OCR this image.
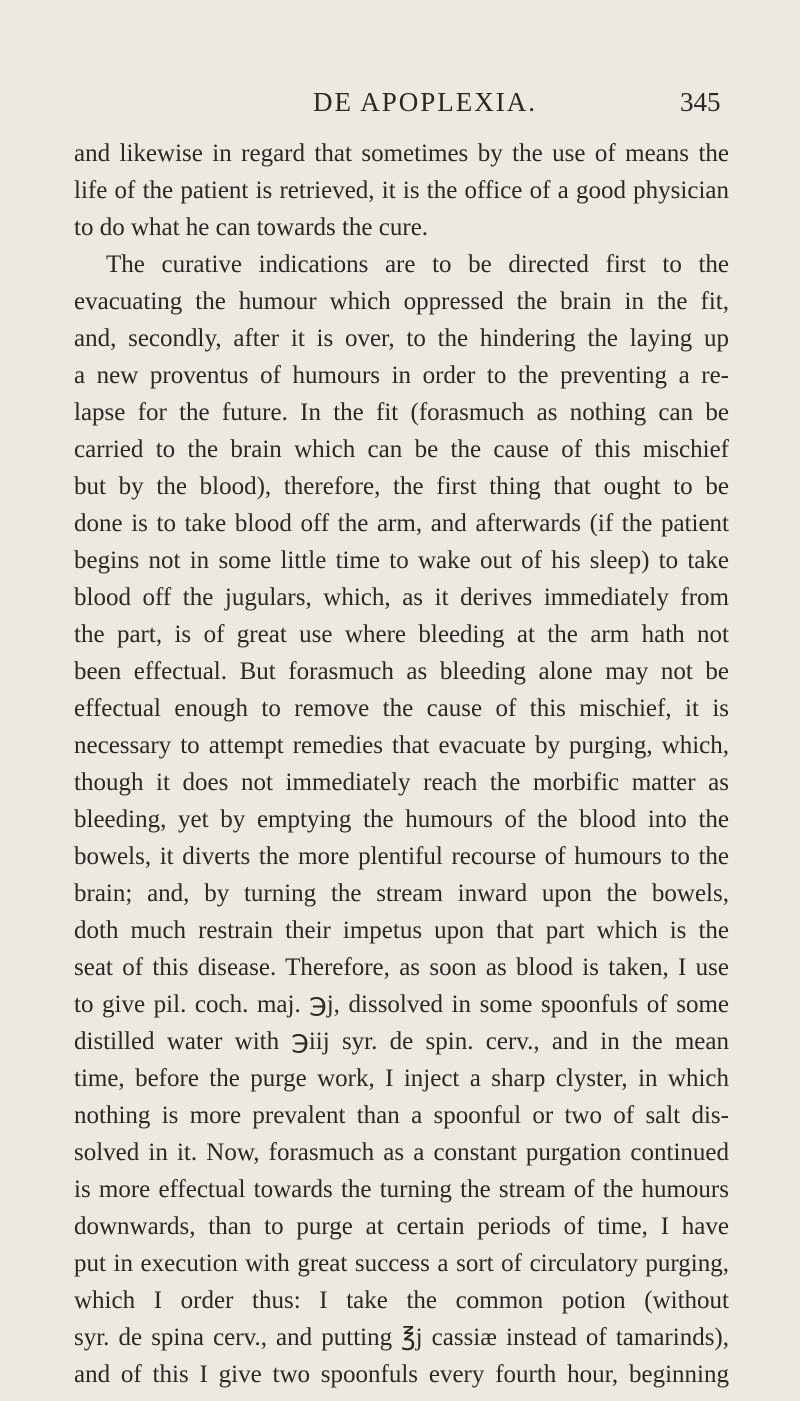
DE APOPLEXIA.	345
and likewise in regard that sometimes by the use of means the
life of the patient is retrieved, it is the office of a good physician
to do what he can towards the cure.
The curative indications are to be directed first to the
evacuating the humour which oppressed the brain in the fit,
and, secondly, after it is over, to the hindering the laying up
a new proventus of humours in order to the preventing a re-
lapse for the future. In the fit (forasmuch as nothing can be
carried to the brain which can be the cause of this mischief
but by the blood), therefore, the first thing that ought to be
done is to take blood off the arm, and afterwards (if the patient
begins not in some little time to wake out of his sleep) to take
blood off the jugulars, which, as it derives immediately from
the part, is of great use where bleeding at the arm hath not
been effectual. But forasmuch as bleeding alone may not be
effectual enough to remove the cause of this mischief, it is
necessary to attempt remedies that evacuate by purging, which,
though it does not immediately reach the morbific matter as
bleeding, yet by emptying the humours of the blood into the
bowels, it diverts the more plentiful recourse of humours to the
brain; and, by turning the stream inward upon the bowels,
doth much restrain their impetus upon that part which is the
seat of this disease. Therefore, as soon as blood is taken, I use
to give pil. coch. maj. ℈j, dissolved in some spoonfuls of some
distilled water with ℈iij syr. de spin. cerv., and in the mean
time, before the purge work, I inject a sharp clyster, in which
nothing is more prevalent than a spoonful or two of salt dis-
solved in it. Now, forasmuch as a constant purgation continued
is more effectual towards the turning the stream of the humours
downwards, than to purge at certain periods of time, I have
put in execution with great success a sort of circulatory purging,
which I order thus: I take the common potion (without
syr. de spina cerv., and putting ℥j cassiæ instead of tamarinds),
and of this I give two spoonfuls every fourth hour, beginning
